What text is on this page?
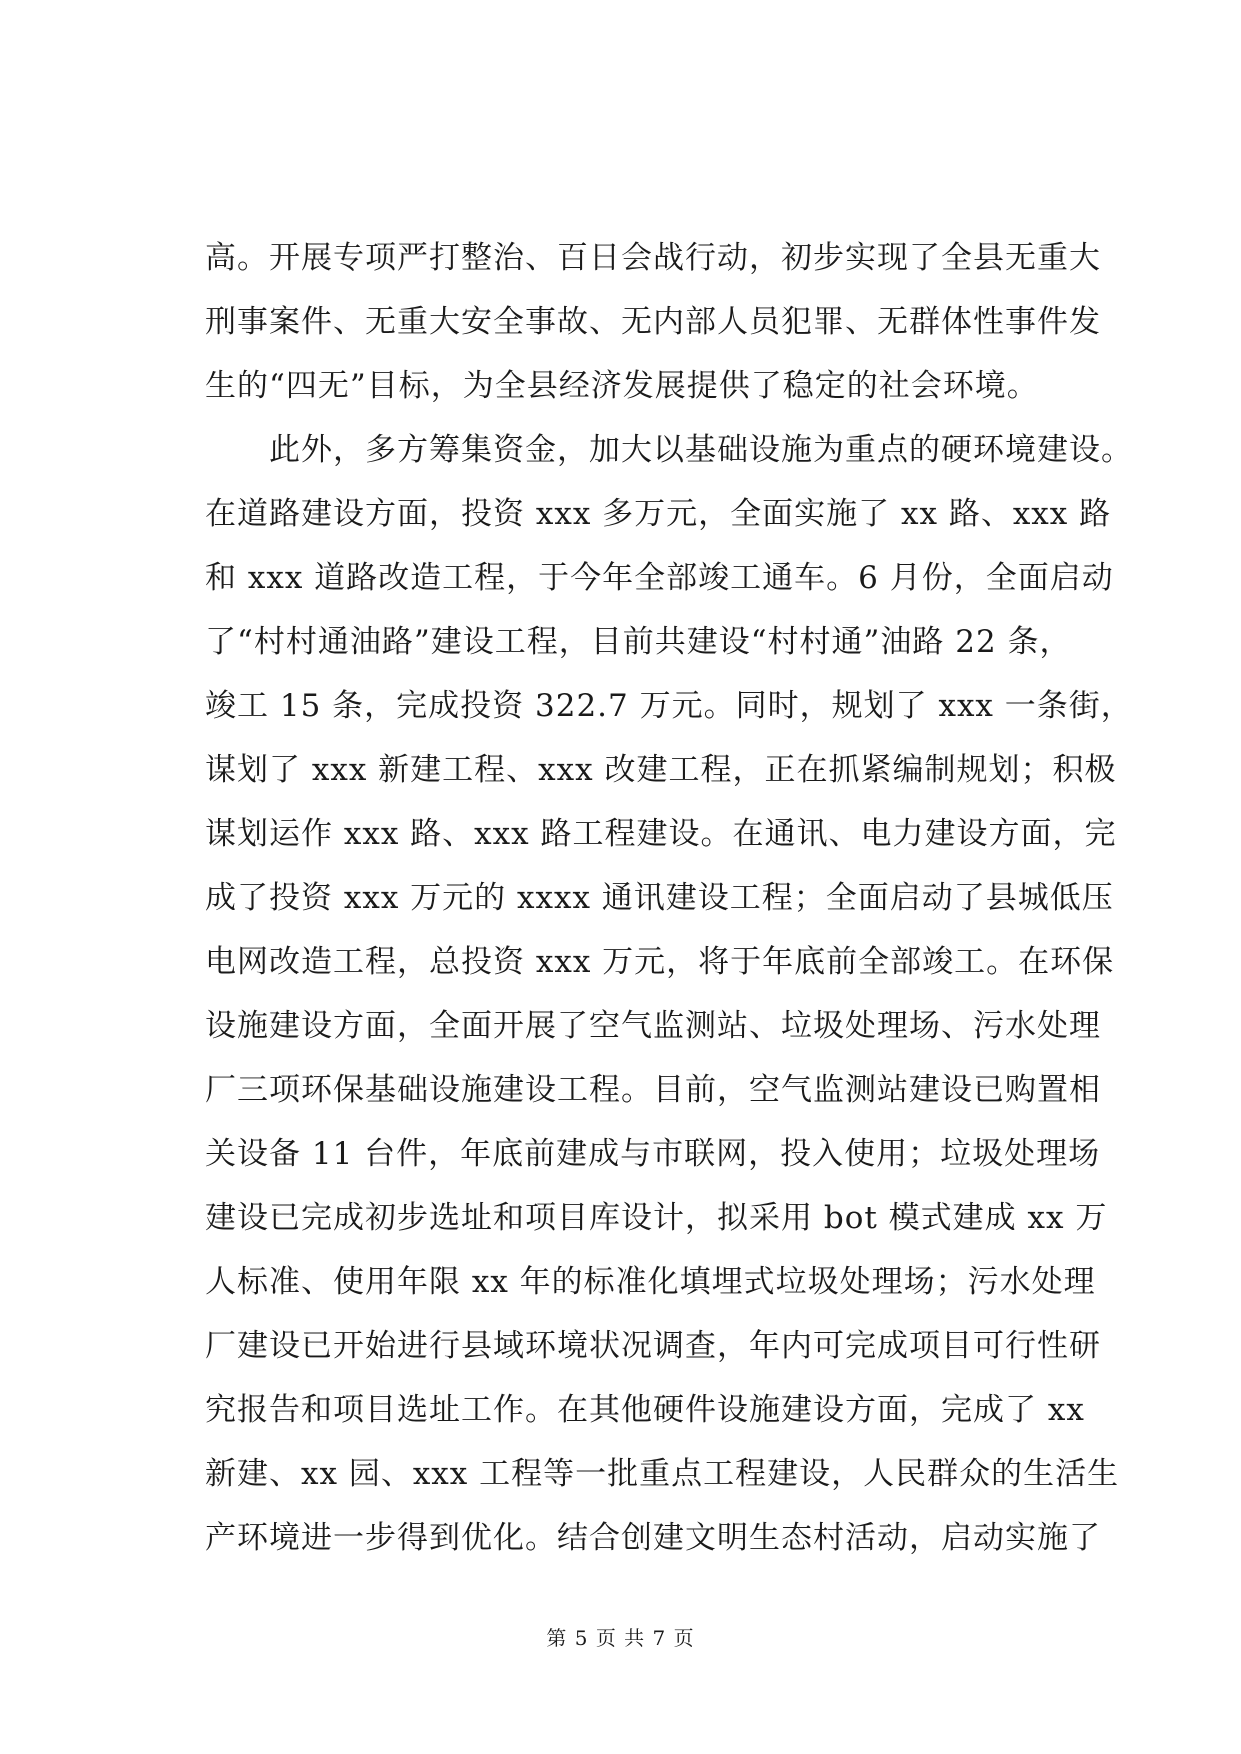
高。开展专项严打整治、百日会战行动，初步实现了全县无重大
刑事案件、无重大安全事故、无内部人员犯罪、无群体性事件发
生的“四无”目标，为全县经济发展提供了稳定的社会环境。
　　此外，多方筹集资金，加大以基础设施为重点的硬环境建设。
在道路建设方面，投资 xxx 多万元，全面实施了 xx 路、xxx 路
和 xxx 道路改造工程，于今年全部竣工通车。6 月份，全面启动
了“村村通油路”建设工程，目前共建设“村村通”油路 22 条，
竣工 15 条，完成投资 322.7 万元。同时，规划了 xxx 一条街，
谋划了 xxx 新建工程、xxx 改建工程，正在抓紧编制规划；积极
谋划运作 xxx 路、xxx 路工程建设。在通讯、电力建设方面，完
成了投资 xxx 万元的 xxxx 通讯建设工程；全面启动了县城低压
电网改造工程，总投资 xxx 万元，将于年底前全部竣工。在环保
设施建设方面，全面开展了空气监测站、垃圾处理场、污水处理
厂三项环保基础设施建设工程。目前，空气监测站建设已购置相
关设备 11 台件，年底前建成与市联网，投入使用；垃圾处理场
建设已完成初步选址和项目库设计，拟采用 bot 模式建成 xx 万
人标准、使用年限 xx 年的标准化填埋式垃圾处理场；污水处理
厂建设已开始进行县域环境状况调查，年内可完成项目可行性研
究报告和项目选址工作。在其他硬件设施建设方面，完成了 xx
新建、xx 园、xxx 工程等一批重点工程建设，人民群众的生活生
产环境进一步得到优化。结合创建文明生态村活动，启动实施了
第 5 页 共 7 页
